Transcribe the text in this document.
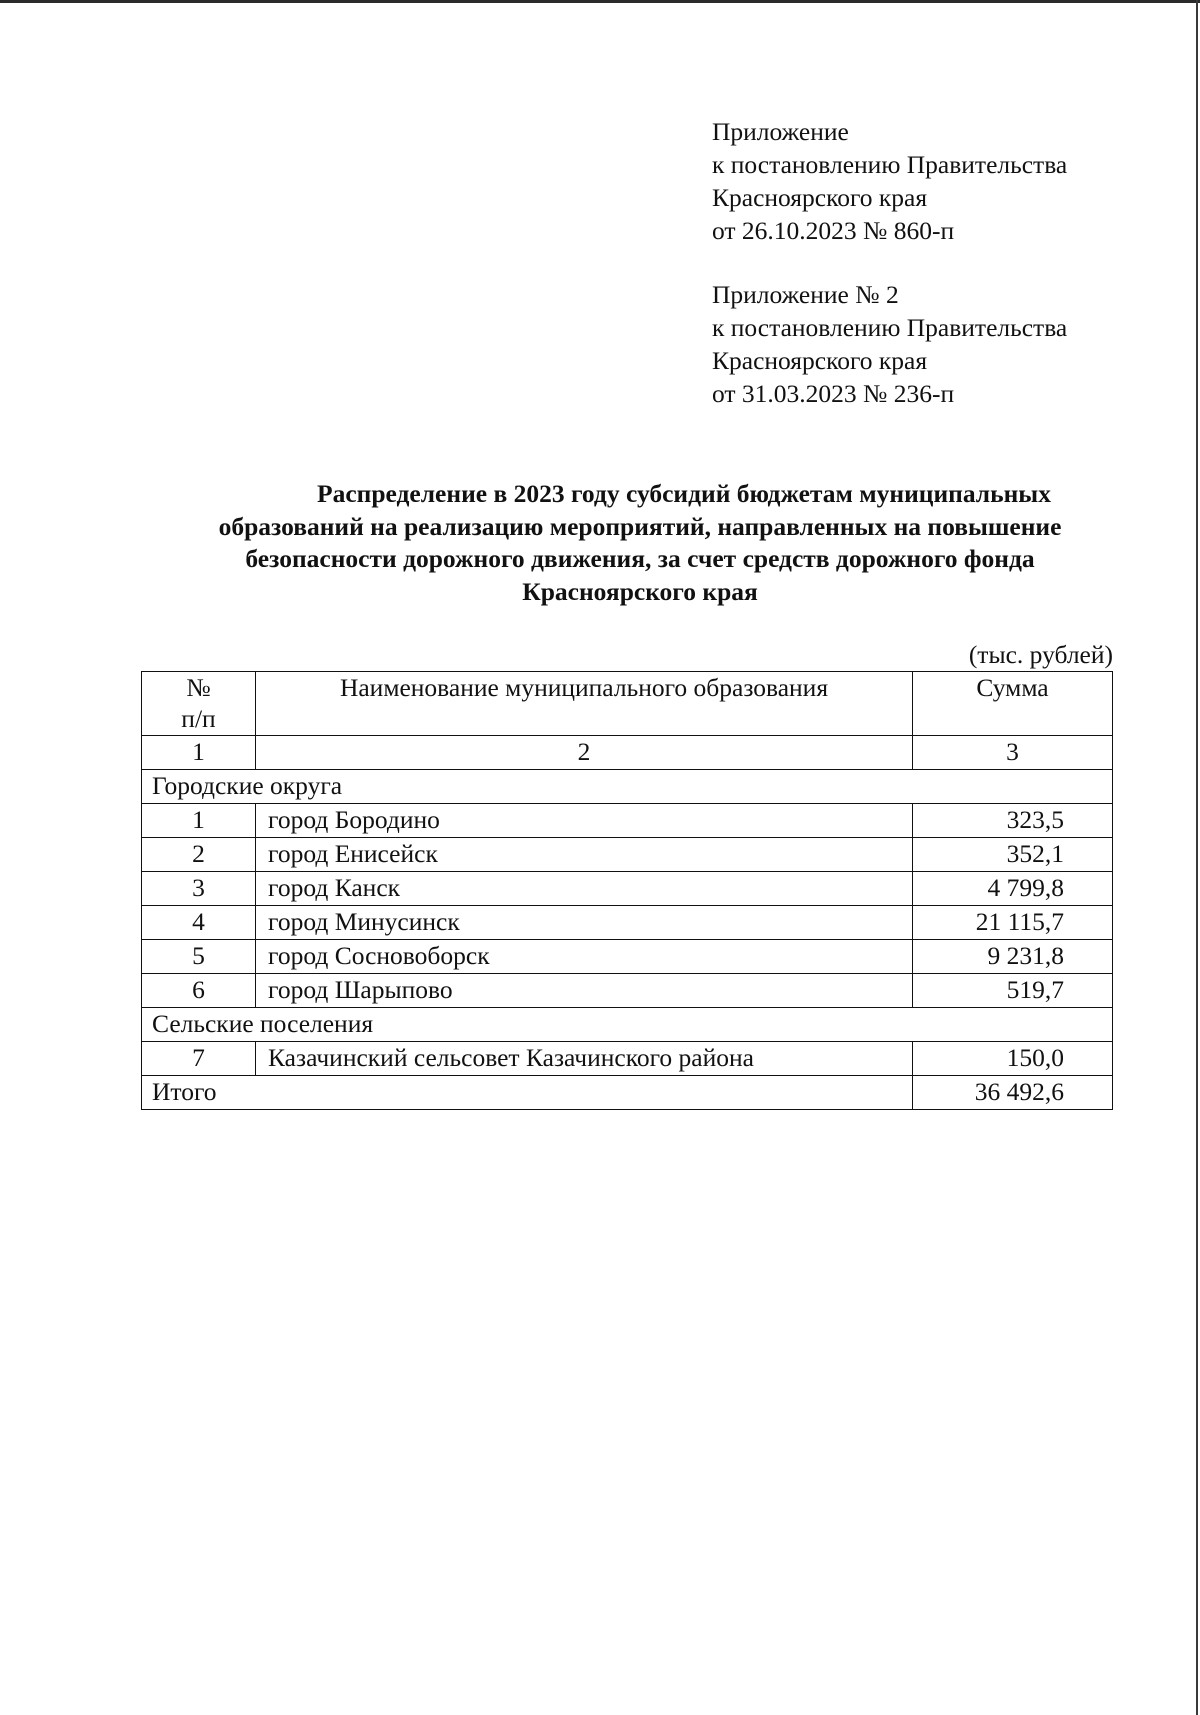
Приложение
к постановлению Правительства
Красноярского края
от 26.10.2023 № 860-п
Приложение № 2
к постановлению Правительства
Красноярского края
от 31.03.2023 № 236-п
Распределение в 2023 году субсидий бюджетам муниципальных
образований на реализацию мероприятий, направленных на повышение
безопасности дорожного движения, за счет средств дорожного фонда
Красноярского края
(тыс. рублей)
№
п/п	Наименование муниципального образования	Сумма
1	2	3
Городские округа		
1	город Бородино	323,5
2	город Енисейск	352,1
3	город Канск	4 799,8
4	город Минусинск	21 115,7
5	город Сосновоборск	9 231,8
6	город Шарыпово	519,7
Сельские поселения		
7	Казачинский сельсовет Казачинского района	150,0
Итого		36 492,6
